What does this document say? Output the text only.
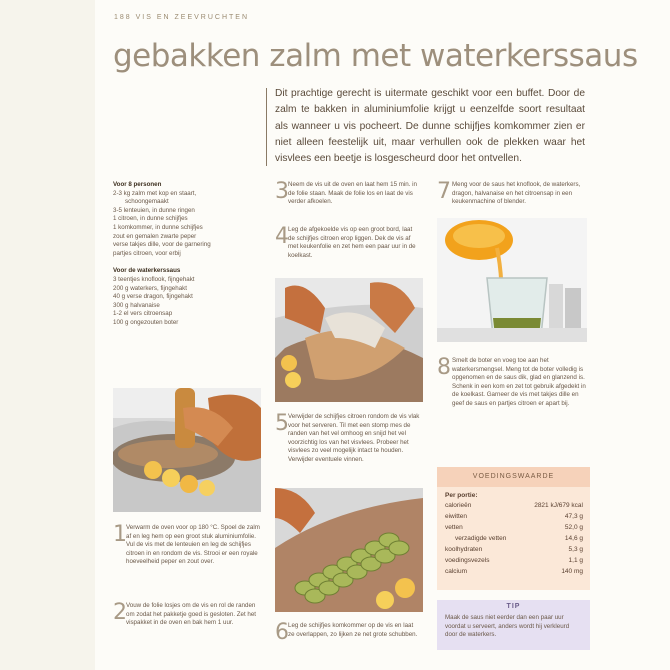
188 VIS EN ZEEVRUCHTEN
gebakken zalm met waterkerssaus
Dit prachtige gerecht is uitermate geschikt voor een buffet. Door de zalm te bakken in aluminiumfolie krijgt u eenzelfde soort resultaat als wanneer u vis pocheert. De dunne schijfjes komkommer zien er niet alleen feestelijk uit, maar verhullen ook de plekken waar het visvlees een beetje is losgescheurd door het ontvellen.
Voor 8 personen
2-3 kg zalm met kop en staart,
schoongemaakt
3-5 lenteuien, in dunne ringen
1 citroen, in dunne schijfjes
1 komkommer, in dunne schijfjes
zout en gemalen zwarte peper
verse takjes dille, voor de garnering
partjes citroen, voor erbij
Voor de waterkerssaus
3 teentjes knoflook, fijngehakt
200 g waterkers, fijngehakt
40 g verse dragon, fijngehakt
300 g halvanaise
1-2 el vers citroensap
100 g ongezouten boter
1 Verwarm de oven voor op 180 °C. Spoel de zalm af en leg hem op een groot stuk aluminiumfolie. Vul de vis met de lenteuien en leg de schijfjes citroen in en rondom de vis. Strooi er een royale hoeveelheid peper en zout over.
2 Vouw de folie losjes om de vis en rol de randen om zodat het pakketje goed is gesloten. Zet het vispakket in de oven en bak hem 1 uur.
3 Neem de vis uit de oven en laat hem 15 min. in de folie staan. Maak de folie los en laat de vis verder afkoelen.
4 Leg de afgekoelde vis op een groot bord, laat de schijfjes citroen erop liggen. Dek de vis af met keukenfolie en zet hem een paar uur in de koelkast.
5 Verwijder de schijfjes citroen rondom de vis vlak voor het serveren. Til met een stomp mes de randen van het vel omhoog en snijd het vel voorzichtig los van het visvlees. Probeer het visvlees zo veel mogelijk intact te houden. Verwijder eventuele vinnen.
6 Leg de schijfjes komkommer op de vis en laat ze overlappen, zo lijken ze net grote schubben.
7 Meng voor de saus het knoflook, de waterkers, dragon, halvanaise en het citroensap in een keukenmachine of blender.
8 Smelt de boter en voeg toe aan het waterkersmengsel. Meng tot de boter volledig is opgenomen en de saus dik, glad en glanzend is. Schenk in een kom en zet tot gebruik afgedekt in de koelkast. Garneer de vis met takjes dille en geef de saus en partjes citroen er apart bij.
VOEDINGSWAARDE
Per portie:
calorieën	2821 kJ/679 kcal
eiwitten	47,3 g
vetten	52,0 g
verzadigde vetten	14,6 g
koolhydraten	5,3 g
voedingsvezels	1,1 g
calcium	140 mg
TIP
Maak de saus niet eerder dan een paar uur voordat u serveert, anders wordt hij verkleurd door de waterkers.
